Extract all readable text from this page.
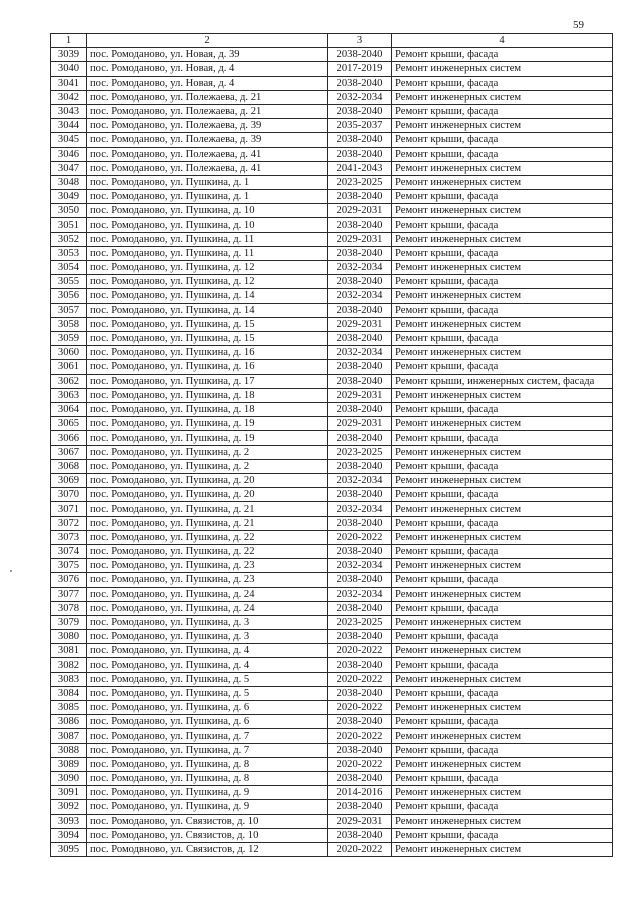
59
1	2	3	4
3039	пос. Ромоданово, ул. Новая, д. 39	2038-2040	Ремонт крыши, фасада
3040	пос. Ромоданово, ул. Новая, д. 4	2017-2019	Ремонт инженерных систем
3041	пос. Ромоданово, ул. Новая, д. 4	2038-2040	Ремонт крыши, фасада
3042	пос. Ромоданово, ул. Полежаева, д. 21	2032-2034	Ремонт инженерных систем
3043	пос. Ромоданово, ул. Полежаева, д. 21	2038-2040	Ремонт крыши, фасада
3044	пос. Ромоданово, ул. Полежаева, д. 39	2035-2037	Ремонт инженерных систем
3045	пос. Ромоданово, ул. Полежаева, д. 39	2038-2040	Ремонт крыши, фасада
3046	пос. Ромоданово, ул. Полежаева, д. 41	2038-2040	Ремонт крыши, фасада
3047	пос. Ромоданово, ул. Полежаева, д. 41	2041-2043	Ремонт инженерных систем
3048	пос. Ромоданово, ул. Пушкина, д. 1	2023-2025	Ремонт инженерных систем
3049	пос. Ромоданово, ул. Пушкина, д. 1	2038-2040	Ремонт крыши, фасада
3050	пос. Ромоданово, ул. Пушкина, д. 10	2029-2031	Ремонт инженерных систем
3051	пос. Ромоданово, ул. Пушкина, д. 10	2038-2040	Ремонт крыши, фасада
3052	пос. Ромоданово, ул. Пушкина, д. 11	2029-2031	Ремонт инженерных систем
3053	пос. Ромоданово, ул. Пушкина, д. 11	2038-2040	Ремонт крыши, фасада
3054	пос. Ромоданово, ул. Пушкина, д. 12	2032-2034	Ремонт инженерных систем
3055	пос. Ромоданово, ул. Пушкина, д. 12	2038-2040	Ремонт крыши, фасада
3056	пос. Ромоданово, ул. Пушкина, д. 14	2032-2034	Ремонт инженерных систем
3057	пос. Ромоданово, ул. Пушкина, д. 14	2038-2040	Ремонт крыши, фасада
3058	пос. Ромоданово, ул. Пушкина, д. 15	2029-2031	Ремонт инженерных систем
3059	пос. Ромоданово, ул. Пушкина, д. 15	2038-2040	Ремонт крыши, фасада
3060	пос. Ромоданово, ул. Пушкина, д. 16	2032-2034	Ремонт инженерных систем
3061	пос. Ромоданово, ул. Пушкина, д. 16	2038-2040	Ремонт крыши, фасада
3062	пос. Ромоданово, ул. Пушкина, д. 17	2038-2040	Ремонт крыши, инженерных систем, фасада
3063	пос. Ромоданово, ул. Пушкина, д. 18	2029-2031	Ремонт инженерных систем
3064	пос. Ромоданово, ул. Пушкина, д. 18	2038-2040	Ремонт крыши, фасада
3065	пос. Ромоданово, ул. Пушкина, д. 19	2029-2031	Ремонт инженерных систем
3066	пос. Ромоданово, ул. Пушкина, д. 19	2038-2040	Ремонт крыши, фасада
3067	пос. Ромоданово, ул. Пушкина, д. 2	2023-2025	Ремонт инженерных систем
3068	пос. Ромоданово, ул. Пушкина, д. 2	2038-2040	Ремонт крыши, фасада
3069	пос. Ромоданово, ул. Пушкина, д. 20	2032-2034	Ремонт инженерных систем
3070	пос. Ромоданово, ул. Пушкина, д. 20	2038-2040	Ремонт крыши, фасада
3071	пос. Ромоданово, ул. Пушкина, д. 21	2032-2034	Ремонт инженерных систем
3072	пос. Ромоданово, ул. Пушкина, д. 21	2038-2040	Ремонт крыши, фасада
3073	пос. Ромоданово, ул. Пушкина, д. 22	2020-2022	Ремонт инженерных систем
3074	пос. Ромоданово, ул. Пушкина, д. 22	2038-2040	Ремонт крыши, фасада
3075	пос. Ромоданово, ул. Пушкина, д. 23	2032-2034	Ремонт инженерных систем
3076	пос. Ромоданово, ул. Пушкина, д. 23	2038-2040	Ремонт крыши, фасада
3077	пос. Ромоданово, ул. Пушкина, д. 24	2032-2034	Ремонт инженерных систем
3078	пос. Ромоданово, ул. Пушкина, д. 24	2038-2040	Ремонт крыши, фасада
3079	пос. Ромоданово, ул. Пушкина, д. 3	2023-2025	Ремонт инженерных систем
3080	пос. Ромоданово, ул. Пушкина, д. 3	2038-2040	Ремонт крыши, фасада
3081	пос. Ромоданово, ул. Пушкина, д. 4	2020-2022	Ремонт инженерных систем
3082	пос. Ромоданово, ул. Пушкина, д. 4	2038-2040	Ремонт крыши, фасада
3083	пос. Ромоданово, ул. Пушкина, д. 5	2020-2022	Ремонт инженерных систем
3084	пос. Ромоданово, ул. Пушкина, д. 5	2038-2040	Ремонт крыши, фасада
3085	пос. Ромоданово, ул. Пушкина, д. 6	2020-2022	Ремонт инженерных систем
3086	пос. Ромоданово, ул. Пушкина, д. 6	2038-2040	Ремонт крыши, фасада
3087	пос. Ромоданово, ул. Пушкина, д. 7	2020-2022	Ремонт инженерных систем
3088	пос. Ромоданово, ул. Пушкина, д. 7	2038-2040	Ремонт крыши, фасада
3089	пос. Ромоданово, ул. Пушкина, д. 8	2020-2022	Ремонт инженерных систем
3090	пос. Ромоданово, ул. Пушкина, д. 8	2038-2040	Ремонт крыши, фасада
3091	пос. Ромоданово, ул. Пушкина, д. 9	2014-2016	Ремонт инженерных систем
3092	пос. Ромоданово, ул. Пушкина, д. 9	2038-2040	Ремонт крыши, фасада
3093	пос. Ромоданово, ул. Связистов, д. 10	2029-2031	Ремонт инженерных систем
3094	пос. Ромоданово, ул. Связистов, д. 10	2038-2040	Ремонт крыши, фасада
3095	пос. Ромодвново, ул. Связистов, д. 12	2020-2022	Ремонт инженерных систем
